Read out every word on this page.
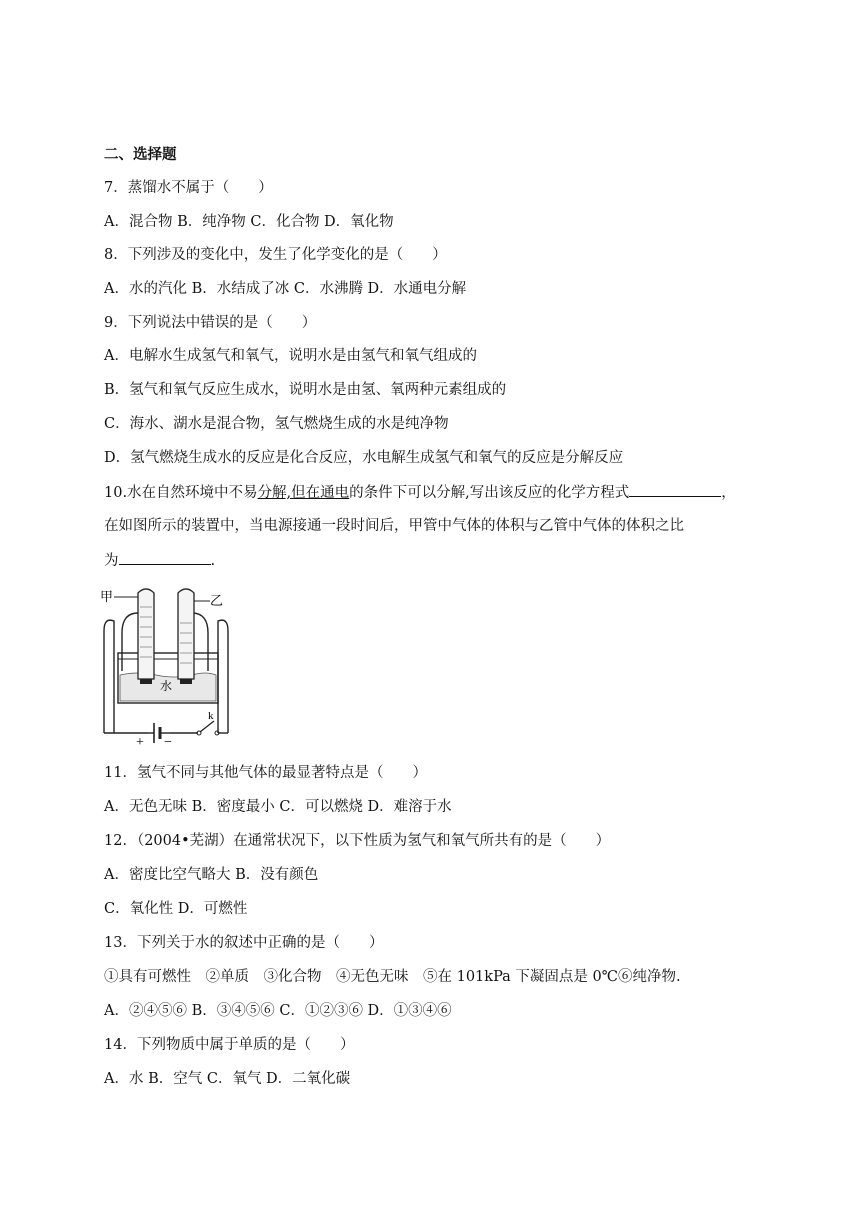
二、选择题
7．蒸馏水不属于（　　）
A．混合物 B．纯净物 C．化合物 D．氧化物
8．下列涉及的变化中，发生了化学变化的是（　　）
A．水的汽化 B．水结成了冰 C．水沸腾 D．水通电分解
9．下列说法中错误的是（　　）
A．电解水生成氢气和氧气，说明水是由氢气和氧气组成的
B．氢气和氧气反应生成水，说明水是由氢、氧两种元素组成的
C．海水、湖水是混合物，氢气燃烧生成的水是纯净物
D．氢气燃烧生成水的反应是化合反应，水电解生成氢气和氧气的反应是分解反应
10.水在自然环境中不易分解,但在通电的条件下可以分解,写出该反应的化学方程式	，
在如图所示的装置中，当电源接通一段时间后，甲管中气体的体积与乙管中气体的体积之比
为	.
甲	乙
水
k
+ −
11．氢气不同与其他气体的最显著特点是（　　）
A．无色无味 B．密度最小 C．可以燃烧 D．难溶于水
12．（2004•芜湖）在通常状况下，以下性质为氢气和氧气所共有的是（　　）
A．密度比空气略大 B．没有颜色
C．氧化性 D．可燃性
13．下列关于水的叙述中正确的是（　　）
①具有可燃性　②单质　③化合物　④无色无味　⑤在 101kPa 下凝固点是 0℃⑥纯净物.
A．②④⑤⑥ B．③④⑤⑥ C．①②③⑥ D．①③④⑥
14．下列物质中属于单质的是（　　）
A．水 B．空气 C．氧气 D．二氧化碳
